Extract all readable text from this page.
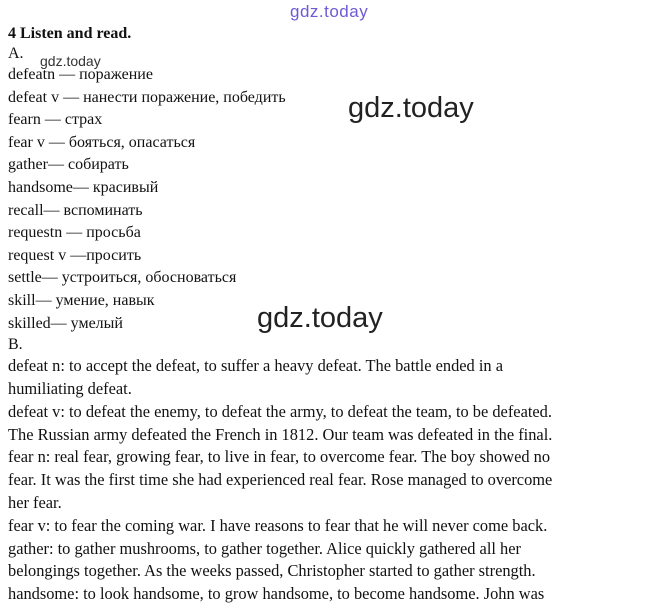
gdz.today
gdz.today
gdz.today
gdz.today
4 Listen and read.
A.
defeatn — поражение
defeat v — нанести поражение, победить
fearn — страх
fear v — бояться, опасаться
gather— собирать
handsome— красивый
recall— вспоминать
requestn — просьба
request v —просить
settle— устроиться, обосноваться
skill— умение, навык
skilled— умелый
B.
defeat n: to accept the defeat, to suffer a heavy defeat. The battle ended in a
humiliating defeat.
defeat v: to defeat the enemy, to defeat the army, to defeat the team, to be defeated.
The Russian army defeated the French in 1812. Our team was defeated in the final.
fear n: real fear, growing fear, to live in fear, to overcome fear. The boy showed no
fear. It was the first time she had experienced real fear. Rose managed to overcome
her fear.
fear v: to fear the coming war. I have reasons to fear that he will never come back.
gather: to gather mushrooms, to gather together. Alice quickly gathered all her
belongings together. As the weeks passed, Christopher started to gather strength.
handsome: to look handsome, to grow handsome, to become handsome. John was
